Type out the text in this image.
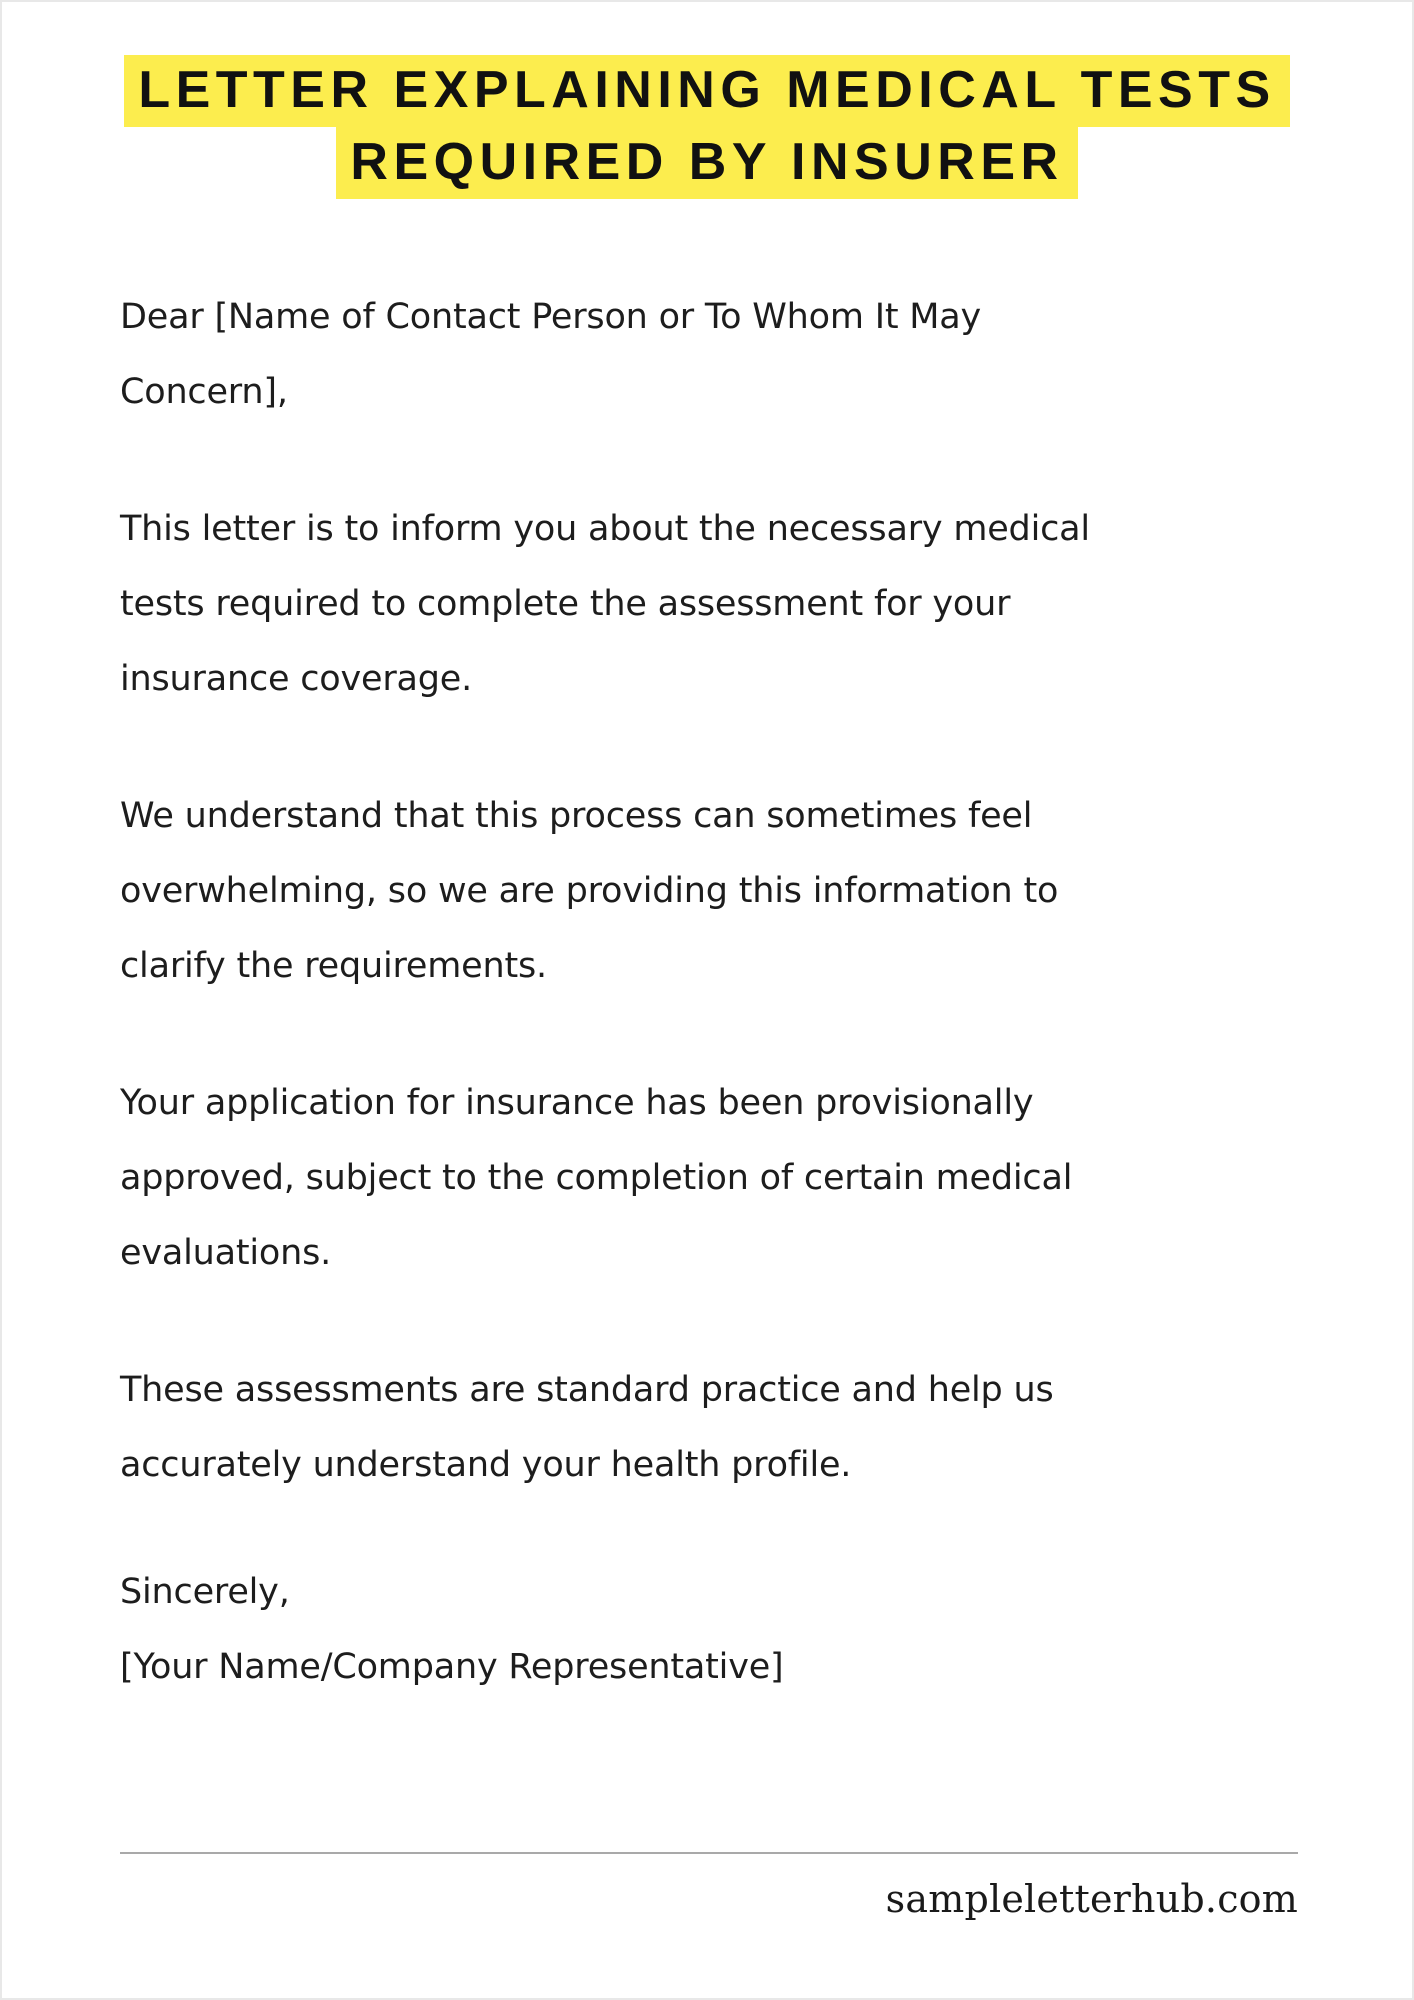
LETTER EXPLAINING MEDICAL TESTS
REQUIRED BY INSURER

Dear [Name of Contact Person or To Whom It May
Concern],

This letter is to inform you about the necessary medical
tests required to complete the assessment for your
insurance coverage.

We understand that this process can sometimes feel
overwhelming, so we are providing this information to
clarify the requirements.

Your application for insurance has been provisionally
approved, subject to the completion of certain medical
evaluations.

These assessments are standard practice and help us
accurately understand your health profile.

Sincerely,
[Your Name/Company Representative]
sampleletterhub.com
